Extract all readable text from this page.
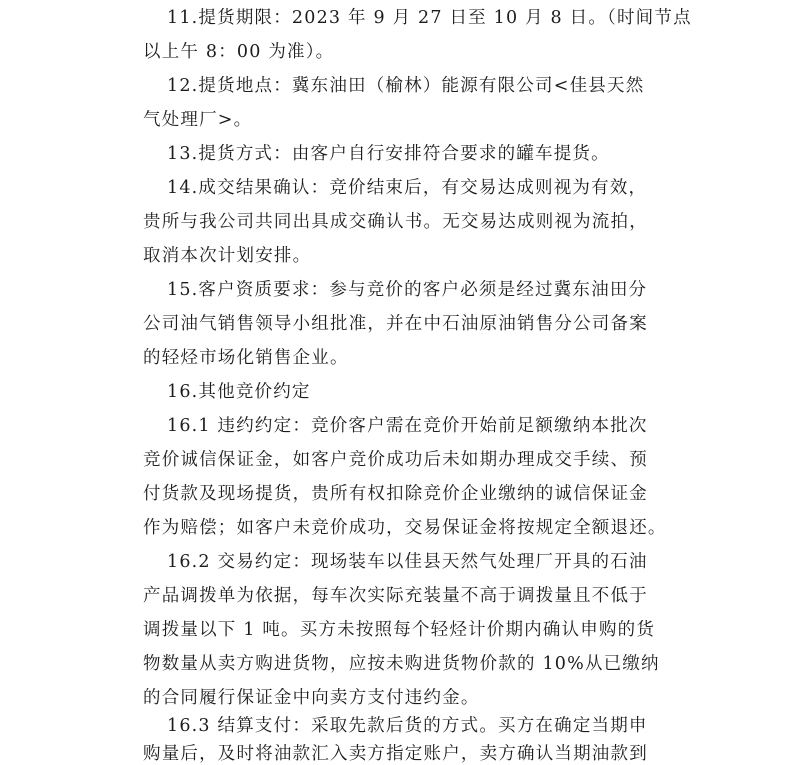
11.提货期限：2023 年 9 月 27 日至 10 月 8 日。（时间节点
以上午 8：00 为准）。
12.提货地点：冀东油田（榆林）能源有限公司<佳县天然
气处理厂>。
13.提货方式：由客户自行安排符合要求的罐车提货。
14.成交结果确认：竞价结束后，有交易达成则视为有效，
贵所与我公司共同出具成交确认书。无交易达成则视为流拍，
取消本次计划安排。
15.客户资质要求：参与竞价的客户必须是经过冀东油田分
公司油气销售领导小组批准，并在中石油原油销售分公司备案
的轻烃市场化销售企业。
16.其他竞价约定
16.1 违约约定：竞价客户需在竞价开始前足额缴纳本批次
竞价诚信保证金，如客户竞价成功后未如期办理成交手续、预
付货款及现场提货，贵所有权扣除竞价企业缴纳的诚信保证金
作为赔偿；如客户未竞价成功，交易保证金将按规定全额退还。
16.2 交易约定：现场装车以佳县天然气处理厂开具的石油
产品调拨单为依据，每车次实际充装量不高于调拨量且不低于
调拨量以下 1 吨。买方未按照每个轻烃计价期内确认申购的货
物数量从卖方购进货物，应按未购进货物价款的 10%从已缴纳
的合同履行保证金中向卖方支付违约金。
16.3 结算支付：采取先款后货的方式。买方在确定当期申
购量后，及时将油款汇入卖方指定账户，卖方确认当期油款到
